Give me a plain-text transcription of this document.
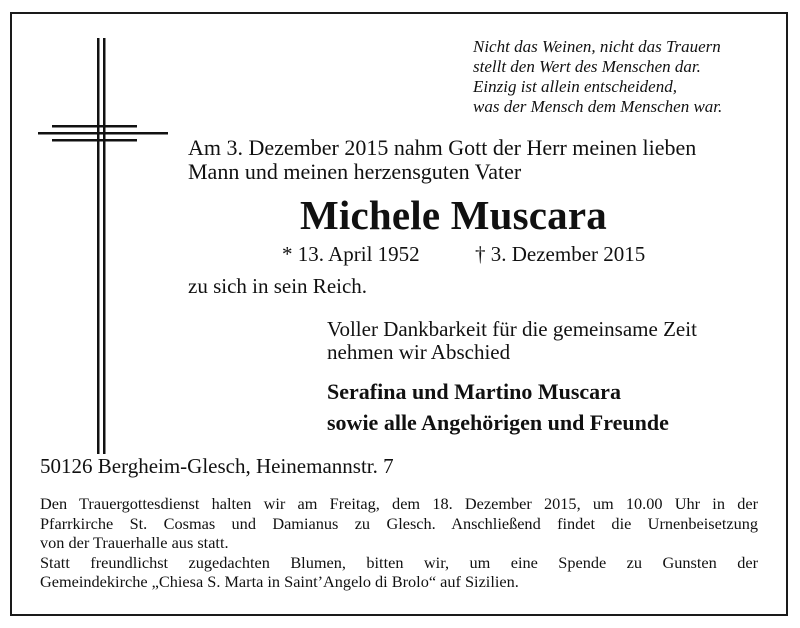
Nicht das Weinen, nicht das Trauern
stellt den Wert des Menschen dar.
Einzig ist allein entscheidend,
was der Mensch dem Menschen war.
Am 3. Dezember 2015 nahm Gott der Herr meinen lieben
Mann und meinen herzensguten Vater
Michele Muscara
* 13. April 1952	† 3. Dezember 2015
zu sich in sein Reich.
Voller Dankbarkeit für die gemeinsame Zeit
nehmen wir Abschied
Serafina und Martino Muscara
sowie alle Angehörigen und Freunde
50126 Bergheim-Glesch, Heinemannstr. 7
Den Trauergottesdienst halten wir am Freitag, dem 18. Dezember 2015, um 10.00 Uhr in der
Pfarrkirche St. Cosmas und Damianus zu Glesch. Anschließend findet die Urnenbeisetzung
von der Trauerhalle aus statt.
Statt freundlichst zugedachten Blumen, bitten wir, um eine Spende zu Gunsten der
Gemeindekirche „Chiesa S. Marta in Saint’Angelo di Brolo“ auf Sizilien.
